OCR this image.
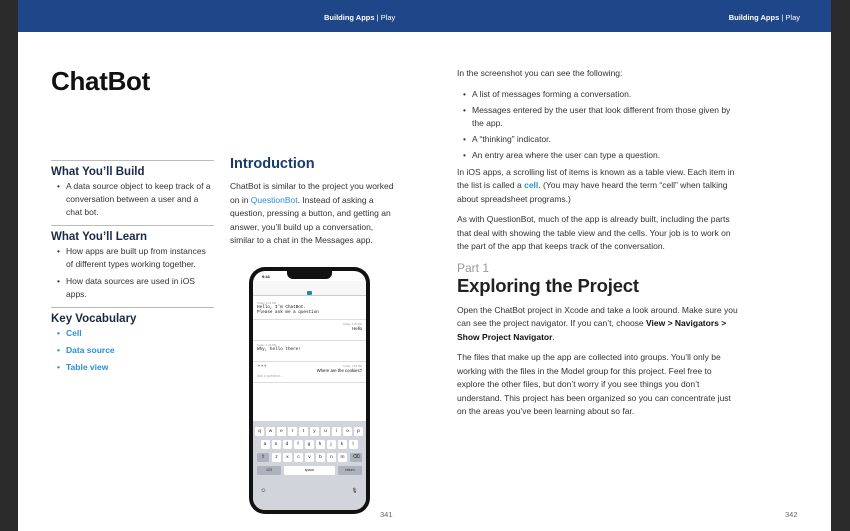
Building Apps | Play	Building Apps | Play
ChatBot
What You’ll Build
• A data source object to keep track of a conversation between a user and a chat bot.
What You’ll Learn
• How apps are built up from instances of different types working together.
• How data sources are used in iOS apps.
Key Vocabulary
• Cell
• Data source
• Table view
Introduction

ChatBot is similar to the project you worked on in QuestionBot. Instead of asking a question, pressing a button, and getting an answer, you’ll build up a conversation, similar to a chat in the Messages app.

9:41
Today, 1:26 PM
Hello, I'm ChatBot.
Please ask me a question
Today, 1:26 PM
Hello
Today, 1:26 PM
Why, hello there!
Today, 1:26 PM
Where are the cookies?
•••
Ask a question...
q	w	e	r	t	y	u	i	o	p
a	s	d	f	g	h	j	k	l
⇧	⌫
z	x	c	v	b	n	m
123	space	return
☺	🎙
341	342

In the screenshot you can see the following:

• A list of messages forming a conversation.
• Messages entered by the user that look different from those given by the app.
• A “thinking” indicator.
• An entry area where the user can type a question.

In iOS apps, a scrolling list of items is known as a table view. Each item in the list is called a cell. (You may have heard the term “cell” when talking about spreadsheet programs.)

As with QuestionBot, much of the app is already built, including the parts that deal with showing the table view and the cells. Your job is to work on the part of the app that keeps track of the conversation.

Part 1
Exploring the Project

Open the ChatBot project in Xcode and take a look around. Make sure you can see the project navigator. If you can’t, choose View > Navigators > Show Project Navigator.

The files that make up the app are collected into groups. You’ll only be working with the files in the Model group for this project. Feel free to explore the other files, but don’t worry if you see things you don’t understand. This project has been organized so you can concentrate just on the areas you’ve been learning about so far.
